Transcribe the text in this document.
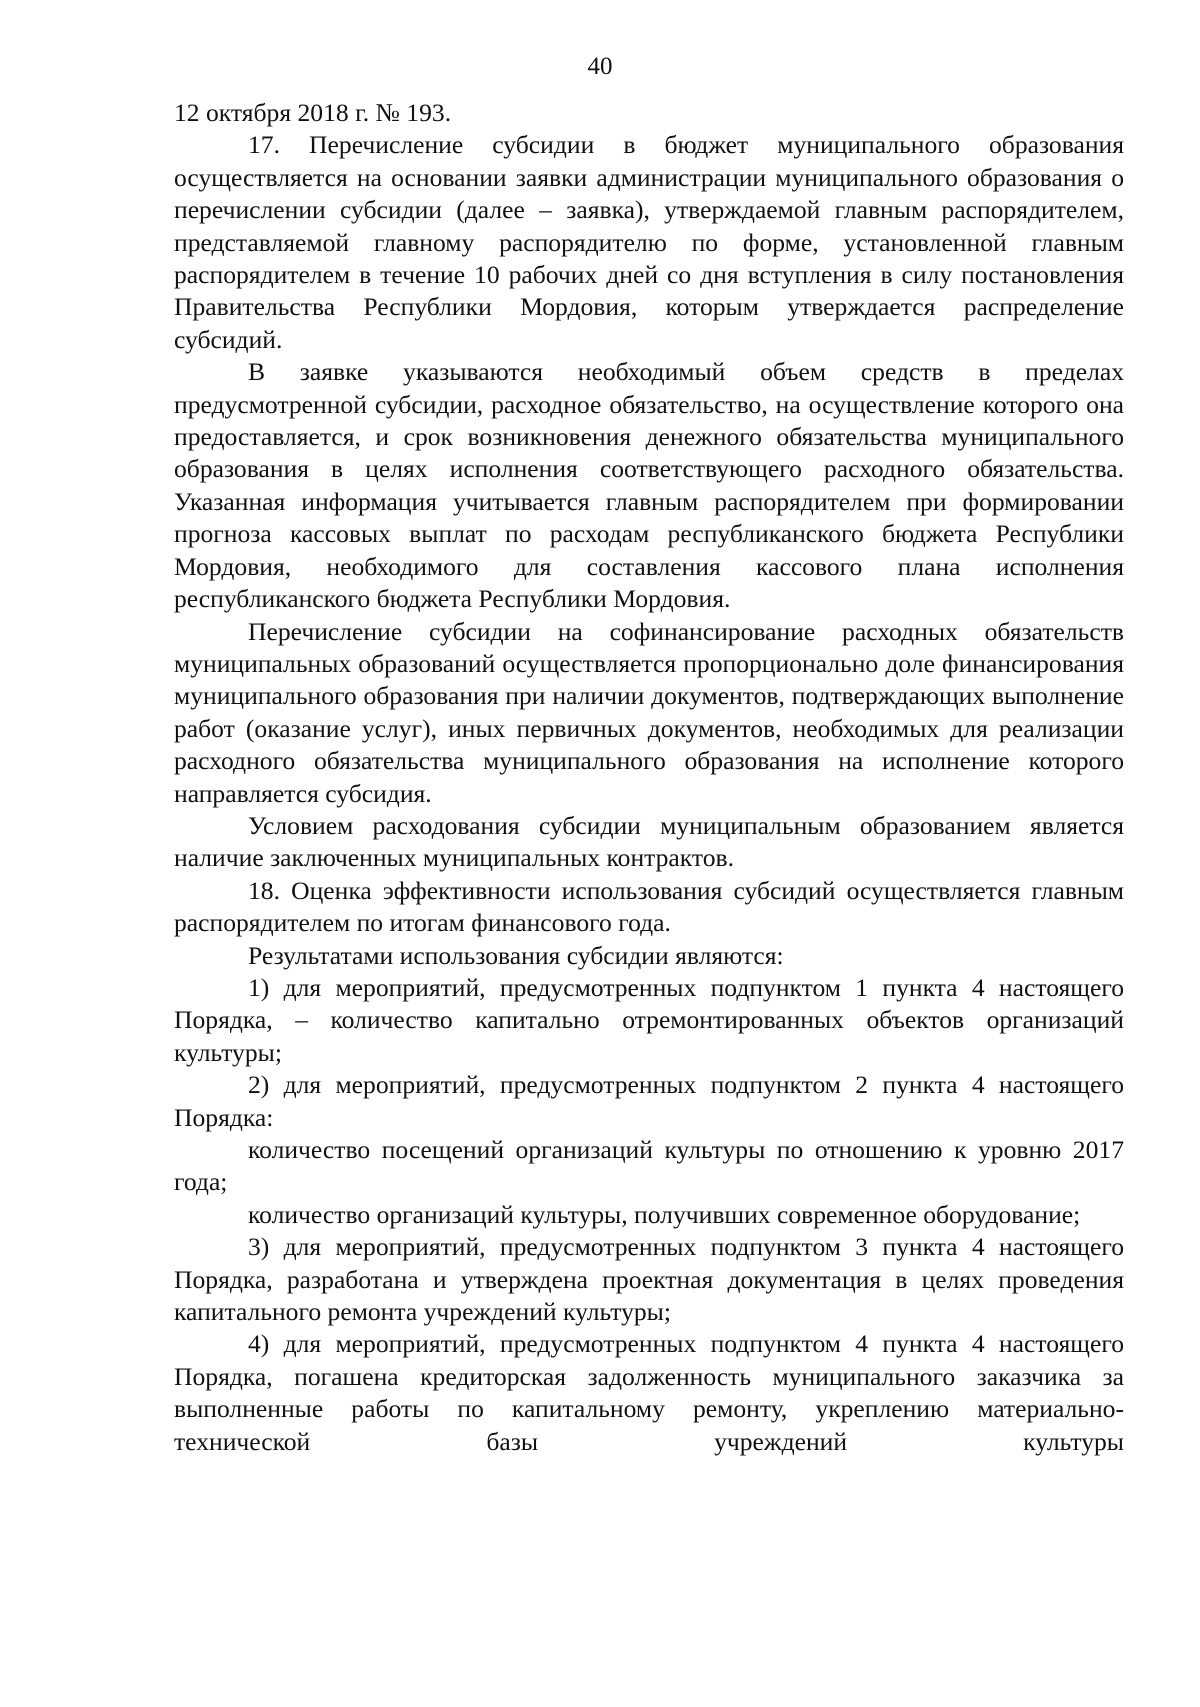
40

12 октября 2018 г. № 193.

17. Перечисление субсидии в бюджет муниципального образования осуществляется на основании заявки администрации муниципального образования о перечислении субсидии (далее – заявка), утверждаемой главным распорядителем, представляемой главному распорядителю по форме, установленной главным распорядителем в течение 10 рабочих дней со дня вступления в силу постановления Правительства Республики Мордовия, которым утверждается распределение субсидий.

В заявке указываются необходимый объем средств в пределах предусмотренной субсидии, расходное обязательство, на осуществление которого она предоставляется, и срок возникновения денежного обязательства муниципального образования в целях исполнения соответствующего расходного обязательства. Указанная информация учитывается главным распорядителем при формировании прогноза кассовых выплат по расходам республиканского бюджета Республики Мордовия, необходимого для составления кассового плана исполнения республиканского бюджета Республики Мордовия.

Перечисление субсидии на софинансирование расходных обязательств муниципальных образований осуществляется пропорционально доле финансирования муниципального образования при наличии документов, подтверждающих выполнение работ (оказание услуг), иных первичных документов, необходимых для реализации расходного обязательства муниципального образования на исполнение которого направляется субсидия.

Условием расходования субсидии муниципальным образованием является наличие заключенных муниципальных контрактов.

18. Оценка эффективности использования субсидий осуществляется главным распорядителем по итогам финансового года.

Результатами использования субсидии являются:

1) для мероприятий, предусмотренных подпунктом 1 пункта 4 настоящего Порядка, – количество капитально отремонтированных объектов организаций культуры;

2) для мероприятий, предусмотренных подпунктом 2 пункта 4 настоящего Порядка:

количество посещений организаций культуры по отношению к уровню 2017 года;

количество организаций культуры, получивших современное оборудование;

3) для мероприятий, предусмотренных подпунктом 3 пункта 4 настоящего Порядка, разработана и утверждена проектная документация в целях проведения капитального ремонта учреждений культуры;

4) для мероприятий, предусмотренных подпунктом 4 пункта 4 настоящего Порядка, погашена кредиторская задолженность муниципального заказчика за выполненные работы по капитальному ремонту, укреплению материально-технической базы учреждений культуры
